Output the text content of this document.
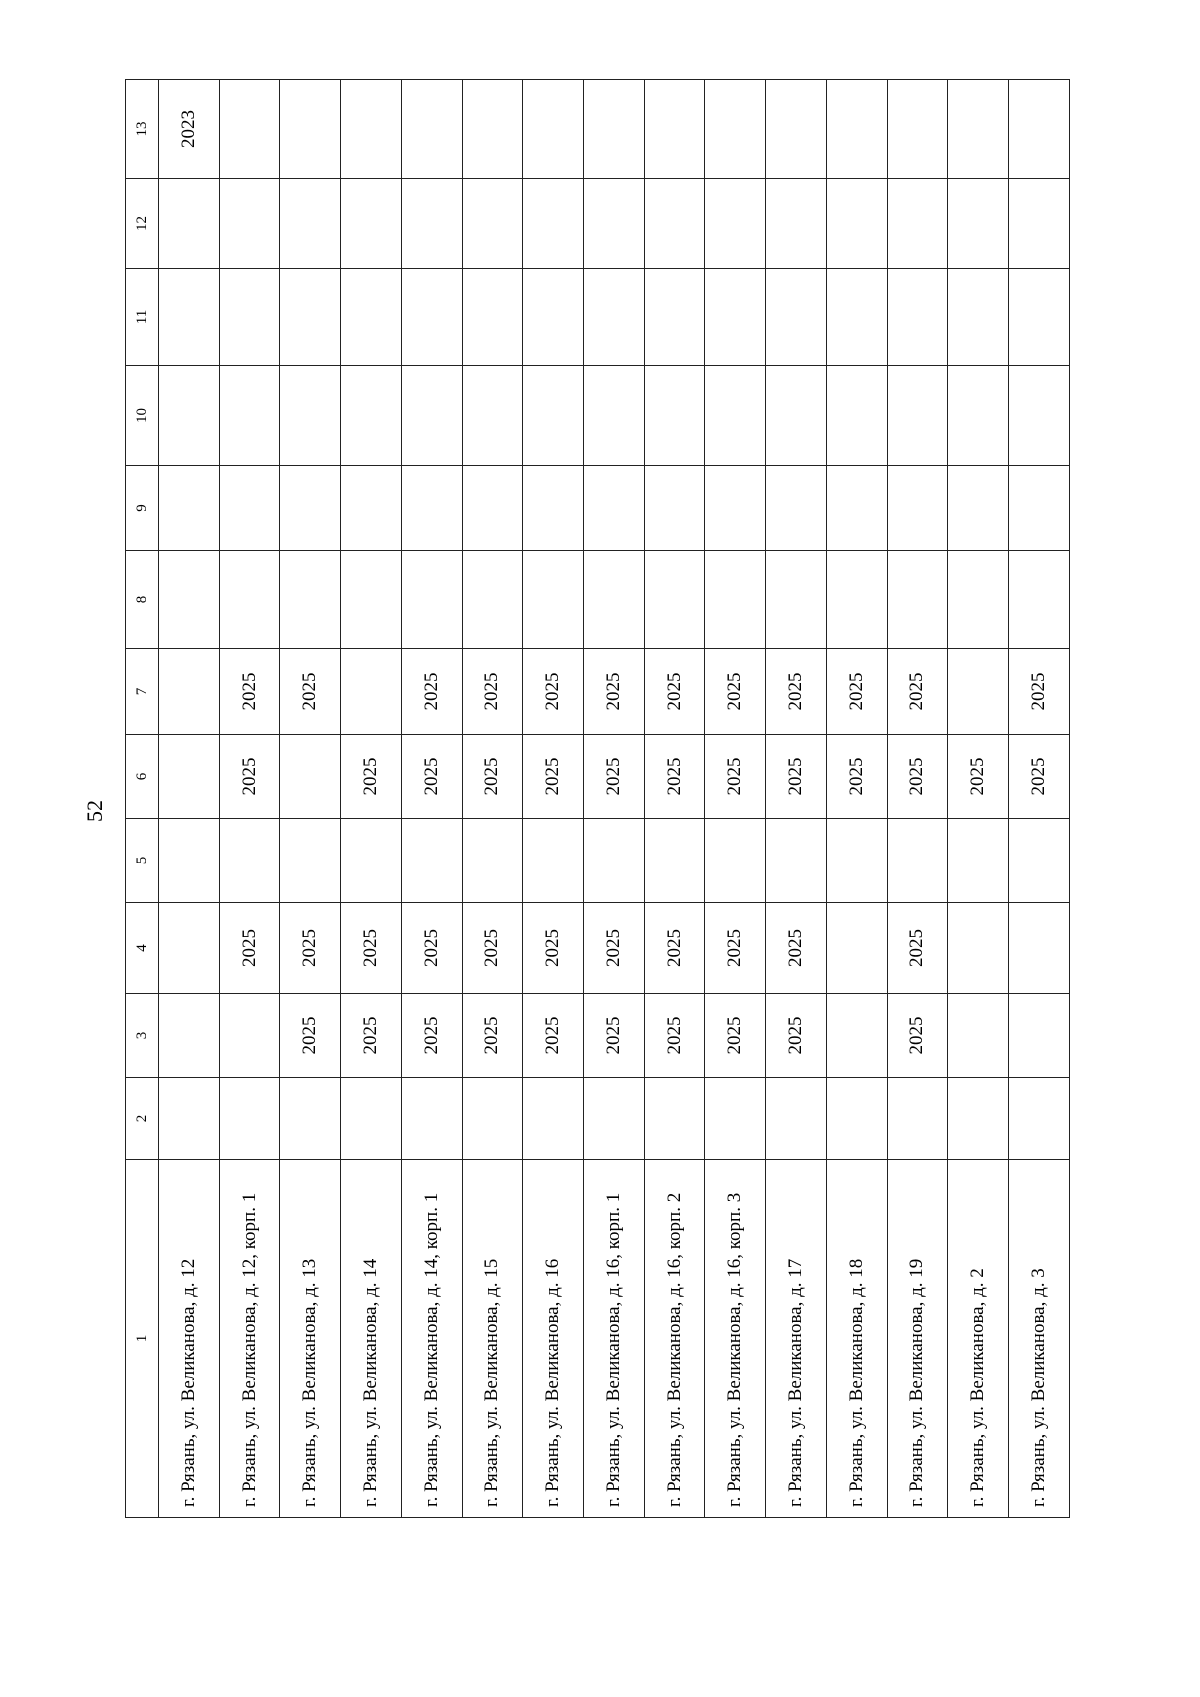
52
1	2	3	4	5	6	7	8	9	10	11	12	13
г. Рязань, ул. Великанова, д. 12												2023
г. Рязань, ул. Великанова, д. 12, корп. 1			2025		2025	2025						
г. Рязань, ул. Великанова, д. 13		2025	2025			2025						
г. Рязань, ул. Великанова, д. 14		2025	2025		2025							
г. Рязань, ул. Великанова, д. 14, корп. 1		2025	2025		2025	2025						
г. Рязань, ул. Великанова, д. 15		2025	2025		2025	2025						
г. Рязань, ул. Великанова, д. 16		2025	2025		2025	2025						
г. Рязань, ул. Великанова, д. 16, корп. 1		2025	2025		2025	2025						
г. Рязань, ул. Великанова, д. 16, корп. 2		2025	2025		2025	2025						
г. Рязань, ул. Великанова, д. 16, корп. 3		2025	2025		2025	2025						
г. Рязань, ул. Великанова, д. 17		2025	2025		2025	2025						
г. Рязань, ул. Великанова, д. 18					2025	2025						
г. Рязань, ул. Великанова, д. 19		2025	2025		2025	2025						
г. Рязань, ул. Великанова, д. 2					2025							
г. Рязань, ул. Великанова, д. 3					2025	2025						
